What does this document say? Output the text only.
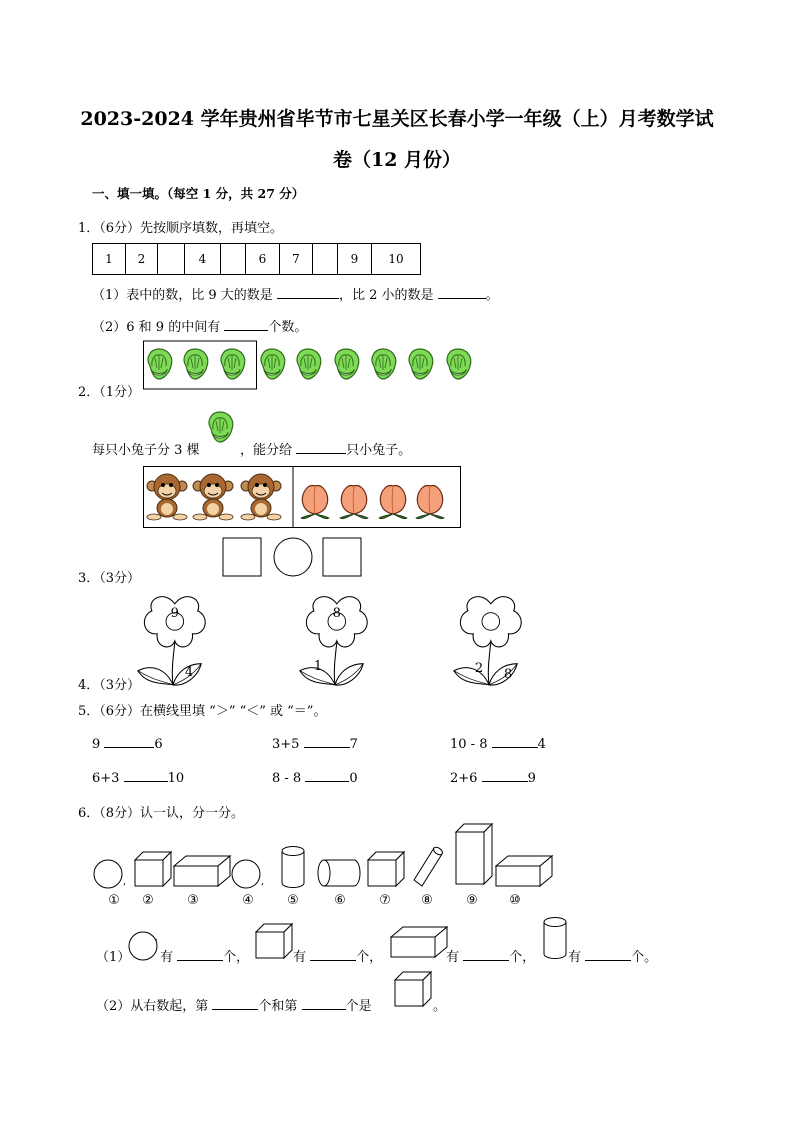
2023-2024 学年贵州省毕节市七星关区长春小学一年级（上）月考数学试
卷（12 月份）
一、填一填。（每空 1 分，共 27 分）
1．（6分）先按顺序填数，再填空。
1	2		4		6	7		9	10
（1）表中的数，比 9 大的数是	，比 2 小的数是	。
（2）6 和 9 的中间有	个数。
2．（1分）
每只小兔子分 3 棵	，能分给	只小兔子。
3．（3分）
9
4
8
1	2 8
4．（3分）
5．（6分）在横线里填 “＞” “＜” 或 “＝”。
9	6	3+5	7	10 - 8	4
6+3	10	8 - 8	0	2+6	9
6．（8分）认一认，分一分。
,	,
① ②	③	④	⑤	⑥	⑦ ⑧	⑨ ⑩
（1）
,
有	个，	有	个，	有	个，	有	个。
（2）从右数起，第	个和第	个是	。
